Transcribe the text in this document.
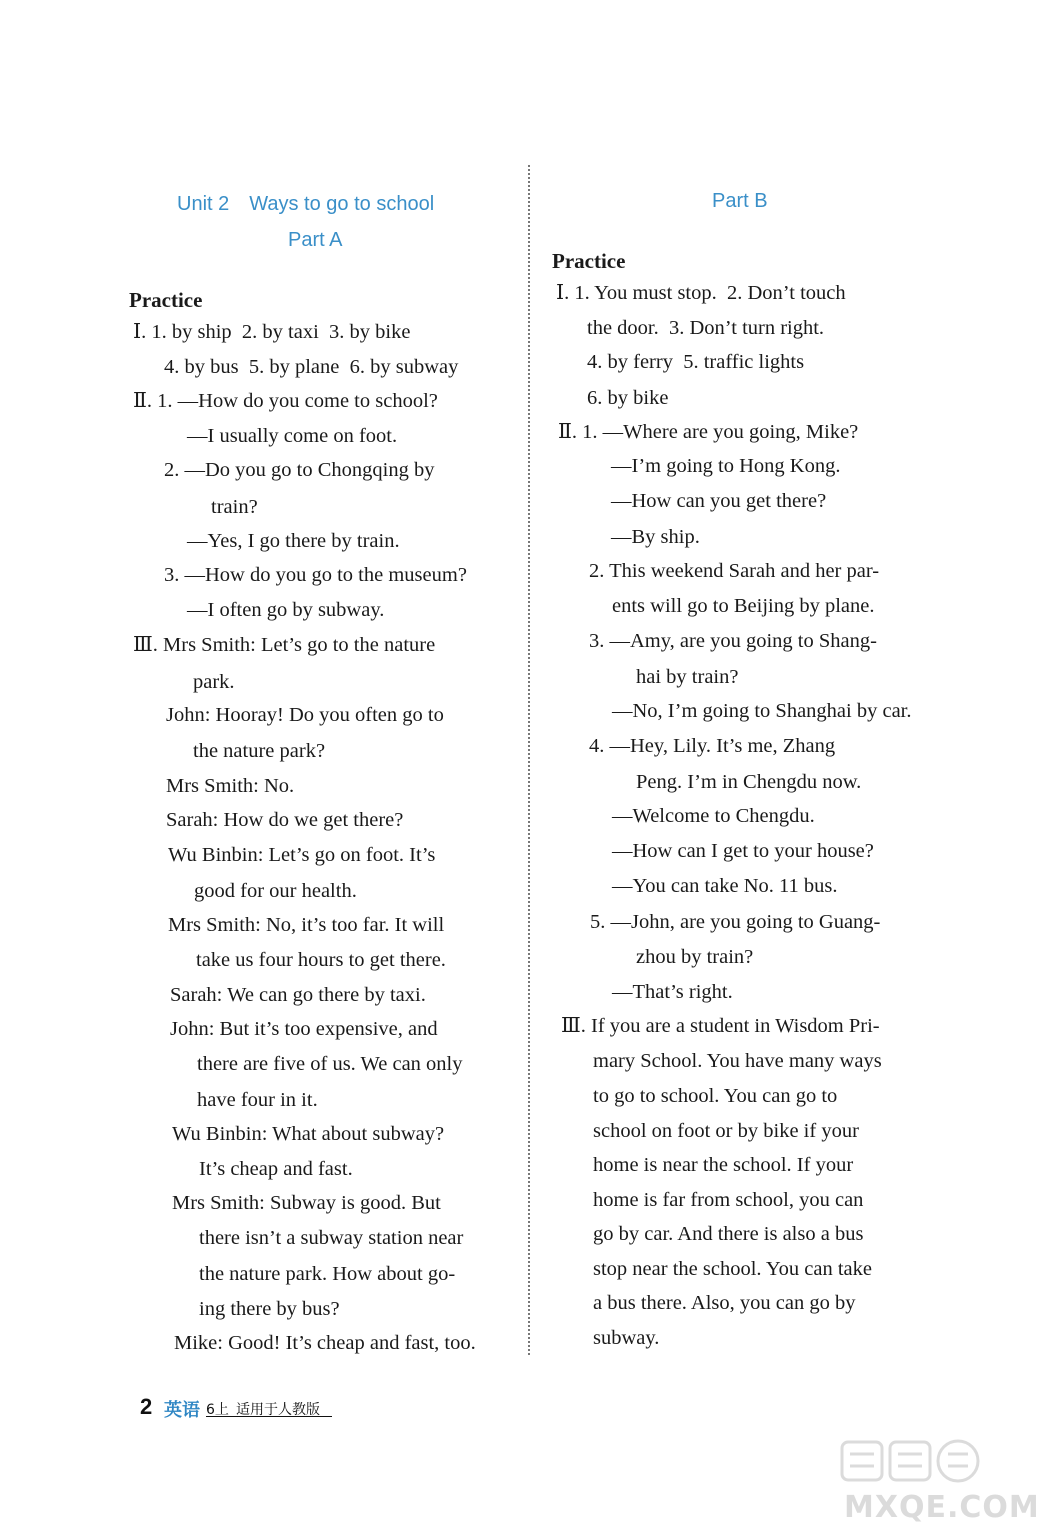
Unit 2 Ways to go to school
Part A
Practice
Ⅰ. 1. by ship 2. by taxi 3. by bike
4. by bus 5. by plane 6. by subway
Ⅱ. 1. —How do you come to school?
—I usually come on foot.
2. —Do you go to Chongqing by
train?
—Yes, I go there by train.
3. —How do you go to the museum?
—I often go by subway.
Ⅲ. Mrs Smith: Let’s go to the nature
park.
John: Hooray! Do you often go to
the nature park?
Mrs Smith: No.
Sarah: How do we get there?
Wu Binbin: Let’s go on foot. It’s
good for our health.
Mrs Smith: No, it’s too far. It will
take us four hours to get there.
Sarah: We can go there by taxi.
John: But it’s too expensive, and
there are five of us. We can only
have four in it.
Wu Binbin: What about subway?
It’s cheap and fast.
Mrs Smith: Subway is good. But
there isn’t a subway station near
the nature park. How about go-
ing there by bus?
Mike: Good! It’s cheap and fast, too.
Part B
Practice
Ⅰ. 1. You must stop. 2. Don’t touch
the door. 3. Don’t turn right.
4. by ferry 5. traffic lights
6. by bike
Ⅱ. 1. —Where are you going, Mike?
—I’m going to Hong Kong.
—How can you get there?
—By ship.
2. This weekend Sarah and her par-
ents will go to Beijing by plane.
3. —Amy, are you going to Shang-
hai by train?
—No, I’m going to Shanghai by car.
4. —Hey, Lily. It’s me, Zhang
Peng. I’m in Chengdu now.
—Welcome to Chengdu.
—How can I get to your house?
—You can take No. 11 bus.
5. —John, are you going to Guang-
zhou by train?
—That’s right.
Ⅲ. If you are a student in Wisdom Pri-
mary School. You have many ways
to go to school. You can go to
school on foot or by bike if your
home is near the school. If your
home is far from school, you can
go by car. And there is also a bus
stop near the school. You can take
a bus there. Also, you can go by
subway.
2 英语 6上 适用于人教版
MXQE.COM
